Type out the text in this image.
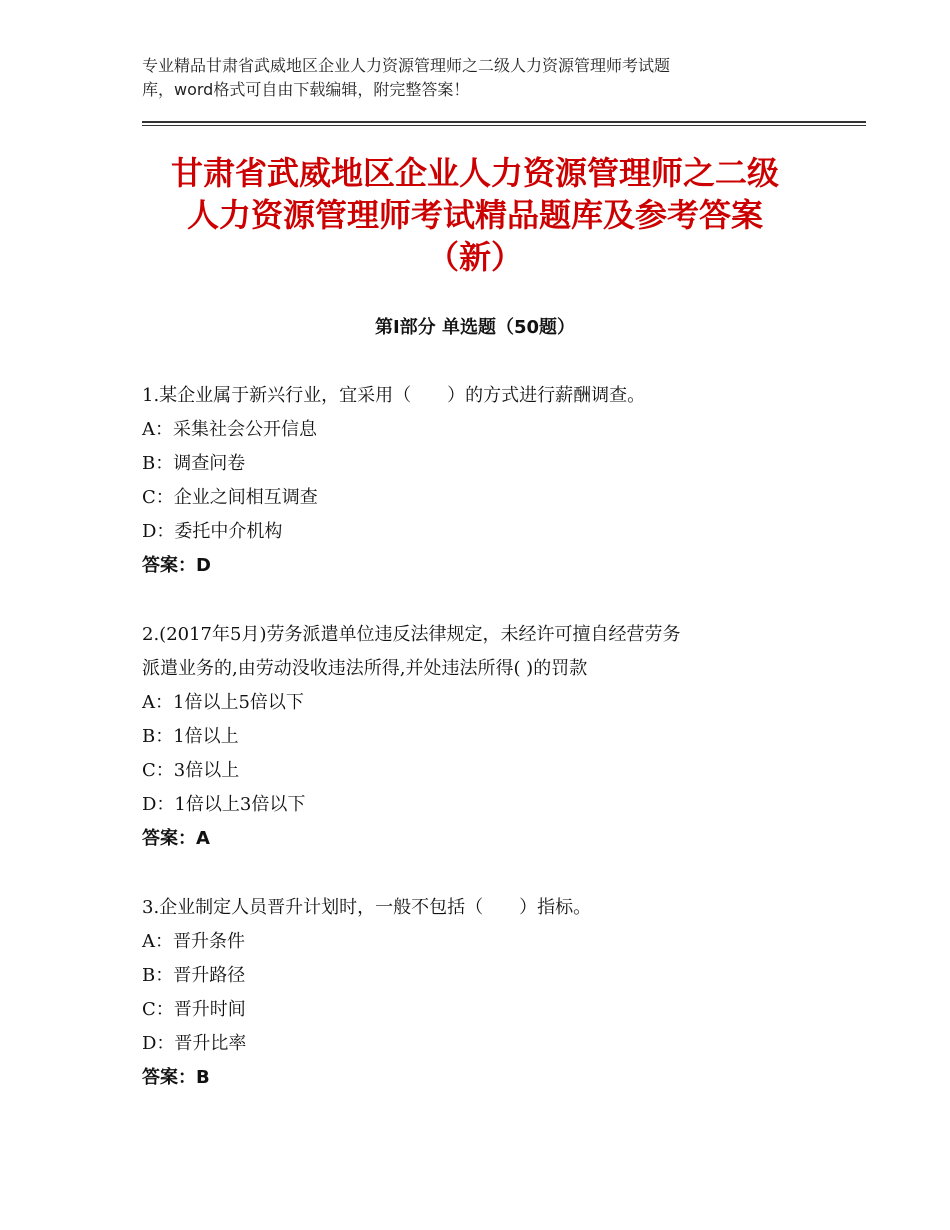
专业精品甘肃省武威地区企业人力资源管理师之二级人力资源管理师考试题
库，word格式可自由下载编辑，附完整答案！
甘肃省武威地区企业人力资源管理师之二级
人力资源管理师考试精品题库及参考答案
（新）
第Ⅰ部分 单选题（50题）
1.某企业属于新兴行业，宜采用（　　）的方式进行薪酬调查。
A：采集社会公开信息
B：调查问卷
C：企业之间相互调查
D：委托中介机构
答案：D
2.(2017年5月)劳务派遣单位违反法律规定，未经许可擅自经营劳务
派遣业务的,由劳动没收违法所得,并处违法所得( )的罚款
A：1倍以上5倍以下
B：1倍以上
C：3倍以上
D：1倍以上3倍以下
答案：A
3.企业制定人员晋升计划时，一般不包括（　　）指标。
A：晋升条件
B：晋升路径
C：晋升时间
D：晋升比率
答案：B
